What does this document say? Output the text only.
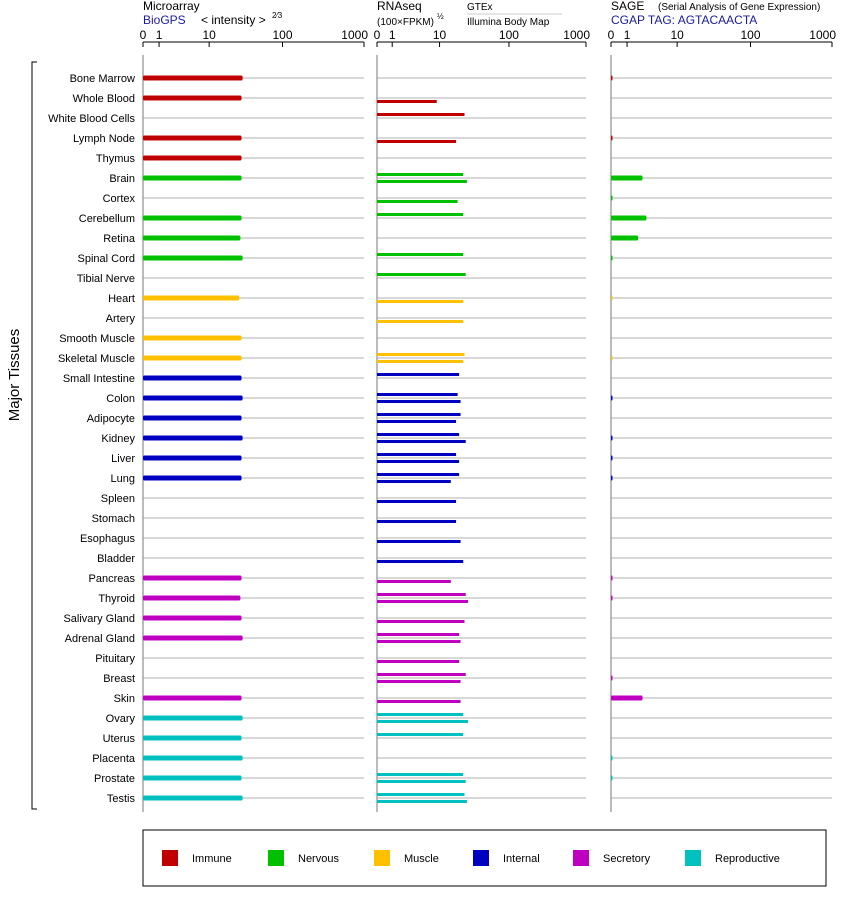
Microarray
BioGPS < intensity > 2⁄3
RNAseq
(100×FPKM)
½
GTEx
Illumina Body Map
SAGE (Serial Analysis of Gene Expression)
CGAP TAG: AGTACAACTA
Major Tissues
Bone Marrow
Whole Blood
White Blood Cells
Lymph Node
Thymus
Brain
Cortex
Cerebellum
Retina
Spinal Cord
Tibial Nerve
Heart
Artery
Smooth Muscle
Skeletal Muscle
Small Intestine
Colon
Adipocyte
Kidney
Liver
Lung
Spleen
Stomach
Esophagus
Bladder
Pancreas
Thyroid
Salivary Gland
Adrenal Gland
Pituitary
Breast
Skin
Ovary
Uterus
Placenta
Prostate
Testis
0 1	10	100	1000 0 1	10	100	1000 0 1	10	100	1000
Immune	Nervous	Muscle	Internal	Secretory	Reproductive
